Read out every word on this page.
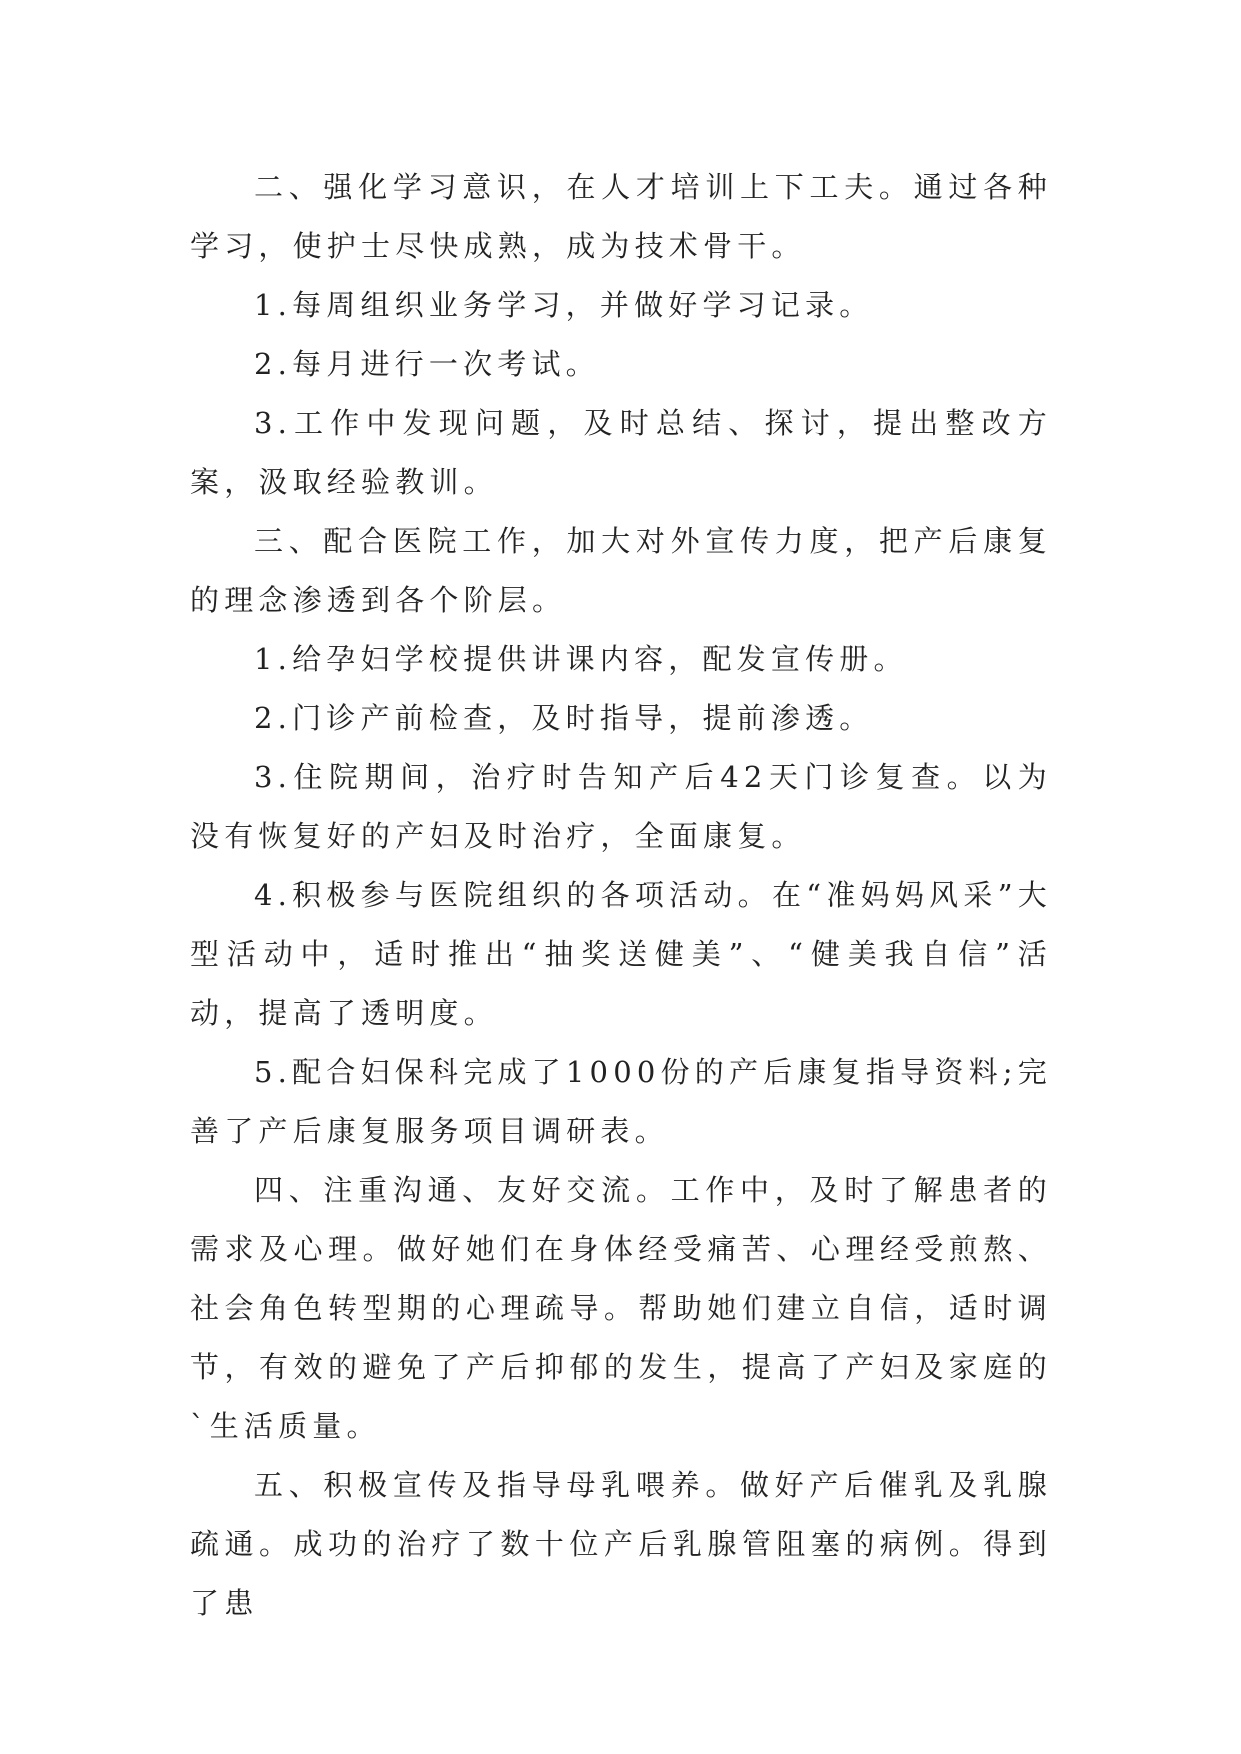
二、强化学习意识，在人才培训上下工夫。通过各种学习，使护士尽快成熟，成为技术骨干。

1.每周组织业务学习，并做好学习记录。

2.每月进行一次考试。

3.工作中发现问题，及时总结、探讨，提出整改方案，汲取经验教训。

三、配合医院工作，加大对外宣传力度，把产后康复的理念渗透到各个阶层。

1.给孕妇学校提供讲课内容，配发宣传册。

2.门诊产前检查，及时指导，提前渗透。

3.住院期间，治疗时告知产后42天门诊复查。以为没有恢复好的产妇及时治疗，全面康复。

4.积极参与医院组织的各项活动。在“准妈妈风采”大型活动中，适时推出“抽奖送健美”、“健美我自信”活动，提高了透明度。

5.配合妇保科完成了1000份的产后康复指导资料;完善了产后康复服务项目调研表。

四、注重沟通、友好交流。工作中，及时了解患者的需求及心理。做好她们在身体经受痛苦、心理经受煎熬、社会角色转型期的心理疏导。帮助她们建立自信，适时调节，有效的避免了产后抑郁的发生，提高了产妇及家庭的`生活质量。

五、积极宣传及指导母乳喂养。做好产后催乳及乳腺疏通。成功的治疗了数十位产后乳腺管阻塞的病例。得到了患
